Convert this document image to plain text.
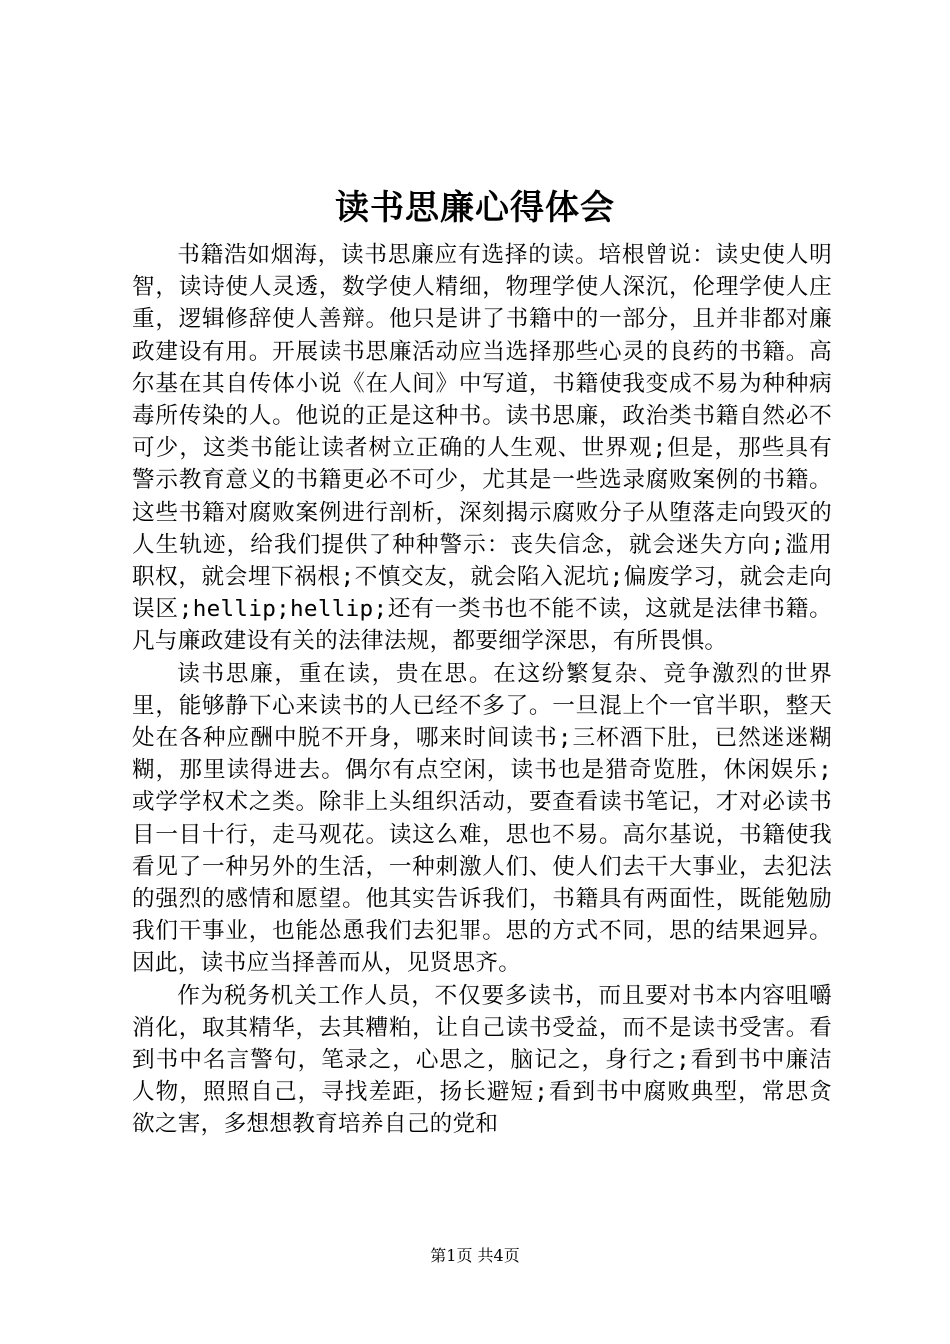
读书思廉心得体会

书籍浩如烟海，读书思廉应有选择的读。培根曾说：读史使人明智，读诗使人灵透，数学使人精细，物理学使人深沉，伦理学使人庄重，逻辑修辞使人善辩。他只是讲了书籍中的一部分，且并非都对廉政建设有用。开展读书思廉活动应当选择那些心灵的良药的书籍。高尔基在其自传体小说《在人间》中写道，书籍使我变成不易为种种病毒所传染的人。他说的正是这种书。读书思廉，政治类书籍自然必不可少，这类书能让读者树立正确的人生观、世界观;但是，那些具有警示教育意义的书籍更必不可少，尤其是一些选录腐败案例的书籍。这些书籍对腐败案例进行剖析，深刻揭示腐败分子从堕落走向毁灭的人生轨迹，给我们提供了种种警示：丧失信念，就会迷失方向;滥用职权，就会埋下祸根;不慎交友，就会陷入泥坑;偏废学习，就会走向误区;hellip;hellip;还有一类书也不能不读，这就是法律书籍。凡与廉政建设有关的法律法规，都要细学深思，有所畏惧。

读书思廉，重在读，贵在思。在这纷繁复杂、竞争激烈的世界里，能够静下心来读书的人已经不多了。一旦混上个一官半职，整天处在各种应酬中脱不开身，哪来时间读书;三杯酒下肚，已然迷迷糊糊，那里读得进去。偶尔有点空闲，读书也是猎奇览胜，休闲娱乐;或学学权术之类。除非上头组织活动，要查看读书笔记，才对必读书目一目十行，走马观花。读这么难，思也不易。高尔基说，书籍使我看见了一种另外的生活，一种刺激人们、使人们去干大事业，去犯法的强烈的感情和愿望。他其实告诉我们，书籍具有两面性，既能勉励我们干事业，也能怂恿我们去犯罪。思的方式不同，思的结果迥异。因此，读书应当择善而从，见贤思齐。

作为税务机关工作人员，不仅要多读书，而且要对书本内容咀嚼消化，取其精华，去其糟粕，让自己读书受益，而不是读书受害。看到书中名言警句，笔录之，心思之，脑记之，身行之;看到书中廉洁人物，照照自己，寻找差距，扬长避短;看到书中腐败典型，常思贪欲之害，多想想教育培养自己的党和

第1页 共4页
